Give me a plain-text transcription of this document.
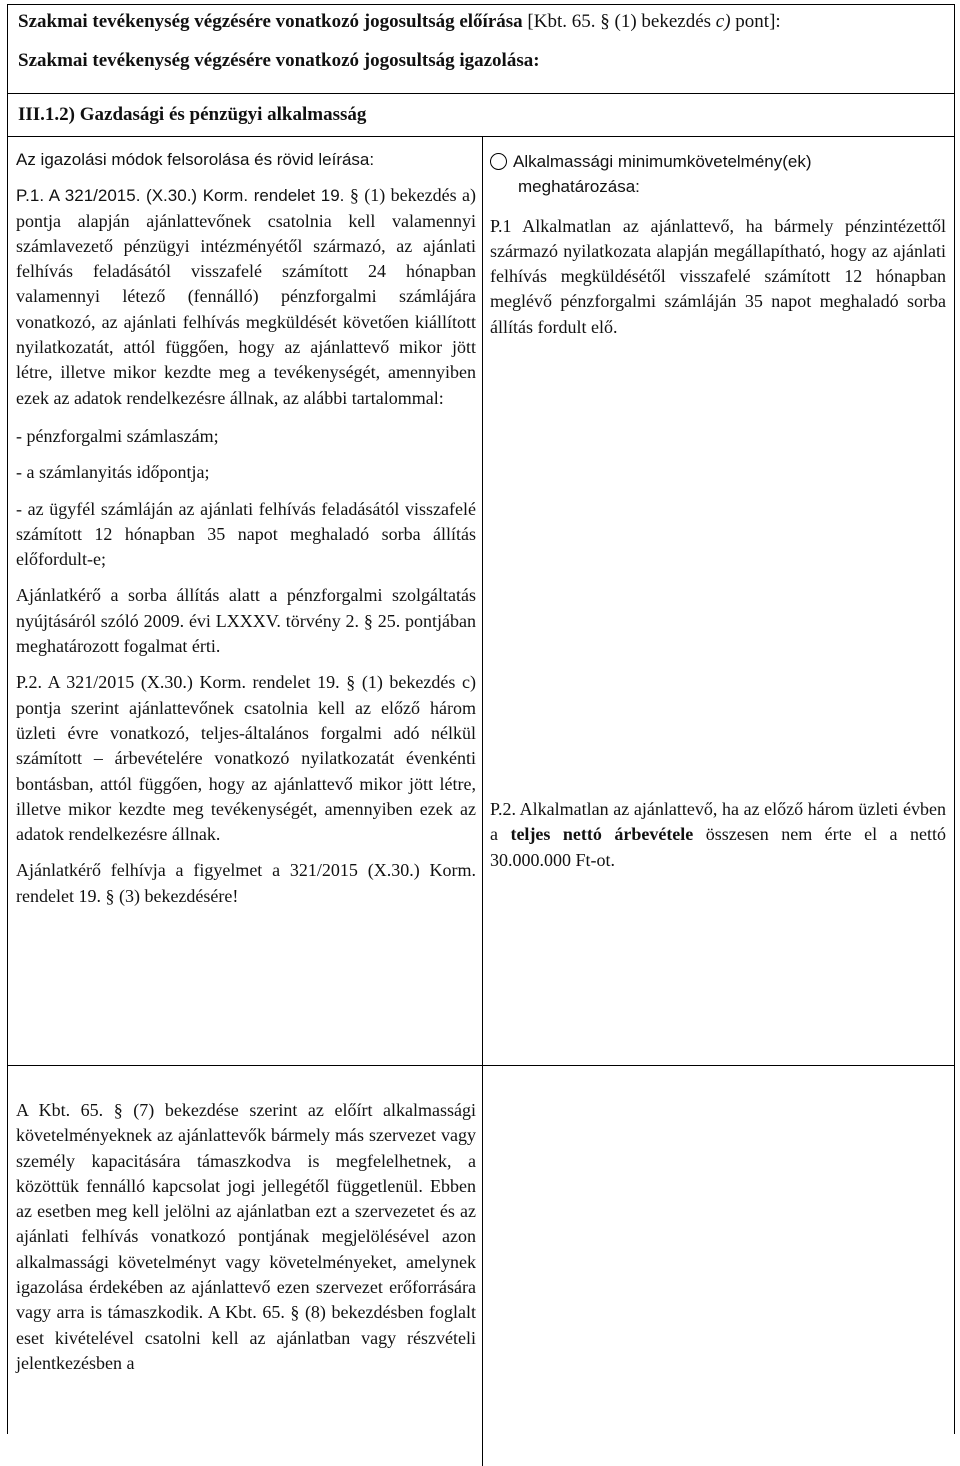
Szakmai tevékenység végzésére vonatkozó jogosultság előírása [Kbt. 65. § (1) bekezdés c) pont]:
Szakmai tevékenység végzésére vonatkozó jogosultság igazolása:
III.1.2) Gazdasági és pénzügyi alkalmasság

Az igazolási módok felsorolása és rövid leírása:

P.1. A 321/2015. (X.30.) Korm. rendelet 19. § (1) bekezdés a) pontja alapján ajánlattevőnek csatolnia kell valamennyi számlavezető pénzügyi intézményétől származó, az ajánlati felhívás feladásától visszafelé számított 24 hónapban valamennyi létező (fennálló) pénzforgalmi számlájára vonatkozó, az ajánlati felhívás megküldését követően kiállított nyilatkozatát, attól függően, hogy az ajánlattevő mikor jött létre, illetve mikor kezdte meg a tevékenységét, amennyiben ezek az adatok rendelkezésre állnak, az alábbi tartalommal:

- pénzforgalmi számlaszám;

- a számlanyitás időpontja;

- az ügyfél számláján az ajánlati felhívás feladásától visszafelé számított 12 hónapban 35 napot meghaladó sorba állítás előfordult-e;

Ajánlatkérő a sorba állítás alatt a pénzforgalmi szolgáltatás nyújtásáról szóló 2009. évi LXXXV. törvény 2. § 25. pontjában meghatározott fogalmat érti.

P.2. A 321/2015 (X.30.) Korm. rendelet 19. § (1) bekezdés c) pontja szerint ajánlattevőnek csatolnia kell az előző három üzleti évre vonatkozó, teljes-általános forgalmi adó nélkül számított – árbevételére vonatkozó nyilatkozatát évenkénti bontásban, attól függően, hogy az ajánlattevő mikor jött létre, illetve mikor kezdte meg tevékenységét, amennyiben ezek az adatok rendelkezésre állnak.

Ajánlatkérő felhívja a figyelmet a 321/2015 (X.30.) Korm. rendelet 19. § (3) bekezdésére!

Alkalmassági minimumkövetelmény(ek)

meghatározása:

P.1 Alkalmatlan az ajánlattevő, ha bármely pénzintézettől származó nyilatkozata alapján megállapítható, hogy az ajánlati felhívás megküldésétől visszafelé számított 12 hónapban meglévő pénzforgalmi számláján 35 napot meghaladó sorba állítás fordult elő.

P.2. Alkalmatlan az ajánlattevő, ha az előző három üzleti évben a teljes nettó árbevétele összesen nem érte el a nettó 30.000.000 Ft-ot.

A Kbt. 65. § (7) bekezdése szerint az előírt alkalmassági követelményeknek az ajánlattevők bármely más szervezet vagy személy kapacitására támaszkodva is megfelelhetnek, a közöttük fennálló kapcsolat jogi jellegétől függetlenül. Ebben az esetben meg kell jelölni az ajánlatban ezt a szervezetet és az ajánlati felhívás vonatkozó pontjának megjelölésével azon alkalmassági követelményt vagy követelményeket, amelynek igazolása érdekében az ajánlattevő ezen szervezet erőforrására vagy arra is támaszkodik. A Kbt. 65. § (8) bekezdésben foglalt eset kivételével csatolni kell az ajánlatban vagy részvételi jelentkezésben a
